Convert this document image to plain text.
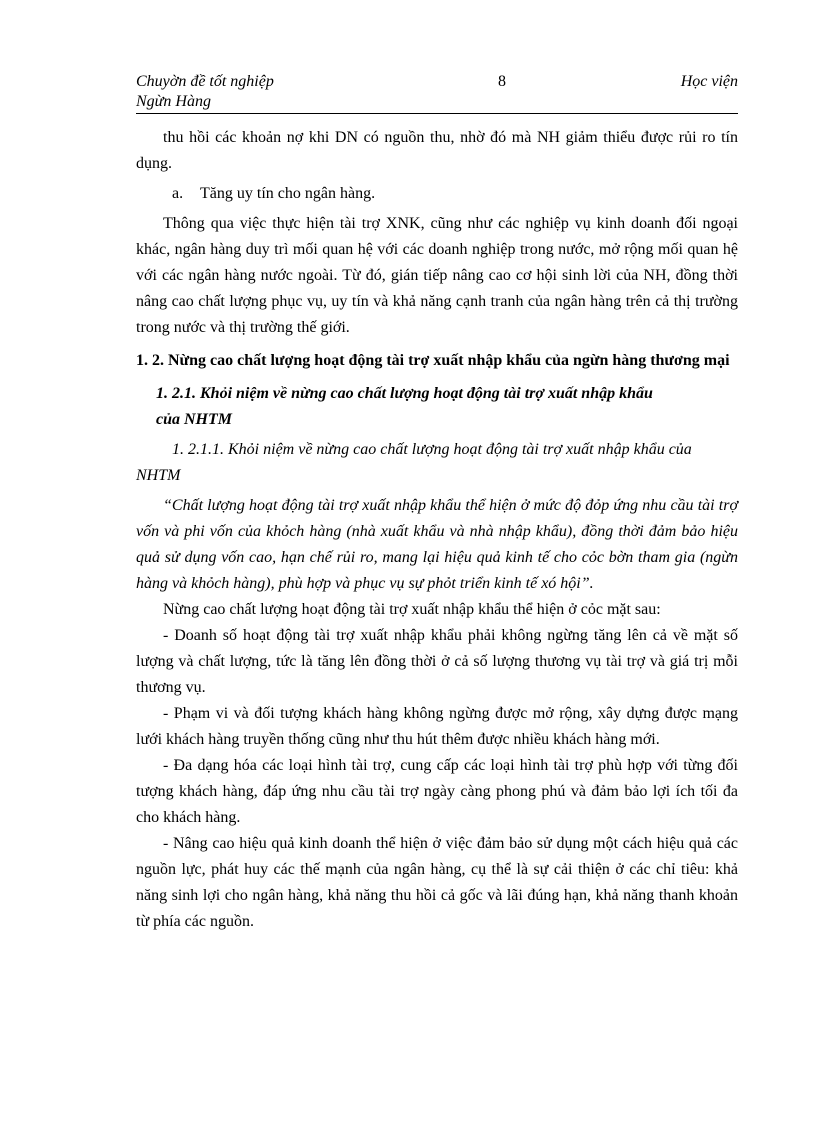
Chuyờn đề tốt nghiệp	8	Học viện
Ngừn Hàng

thu hồi các khoản nợ khi DN có nguồn thu, nhờ đó mà NH giảm thiểu được rủi ro tín dụng.

a. Tăng uy tín cho ngân hàng.

Thông qua việc thực hiện tài trợ XNK, cũng như các nghiệp vụ kinh doanh đối ngoại khác, ngân hàng duy trì mối quan hệ với các doanh nghiệp trong nước, mở rộng mối quan hệ với các ngân hàng nước ngoài. Từ đó, gián tiếp nâng cao cơ hội sinh lời của NH, đồng thời nâng cao chất lượng phục vụ, uy tín và khả năng cạnh tranh của ngân hàng trên cả thị trường trong nước và thị trường thế giới.

1. 2. Nừng cao chất lượng hoạt động tài trợ xuất nhập khẩu của ngừn hàng thương mại

1. 2.1. Khỏi niệm về nừng cao chất lượng hoạt động tài trợ xuất nhập khẩu
của NHTM

1. 2.1.1. Khỏi niệm về nừng cao chất lượng hoạt động tài trợ xuất nhập khẩu của NHTM

“Chất lượng hoạt động tài trợ xuất nhập khẩu thể hiện ở mức độ đỏp ứng nhu cầu tài trợ vốn và phi vốn của khỏch hàng (nhà xuất khẩu và nhà nhập khẩu), đồng thời đảm bảo hiệu quả sử dụng vốn cao, hạn chế rủi ro, mang lại hiệu quả kinh tế cho cỏc bờn tham gia (ngừn hàng và khỏch hàng), phù hợp và phục vụ sự phỏt triển kinh tế xó hội”.

Nừng cao chất lượng hoạt động tài trợ xuất nhập khẩu thể hiện ở cỏc mặt sau:

- Doanh số hoạt động tài trợ xuất nhập khẩu phải không ngừng tăng lên cả về mặt số lượng và chất lượng, tức là tăng lên đồng thời ở cả số lượng thương vụ tài trợ và giá trị mỗi thương vụ.

- Phạm vi và đối tượng khách hàng không ngừng được mở rộng, xây dựng được mạng lưới khách hàng truyền thống cũng như thu hút thêm được nhiều khách hàng mới.

- Đa dạng hóa các loại hình tài trợ, cung cấp các loại hình tài trợ phù hợp với từng đối tượng khách hàng, đáp ứng nhu cầu tài trợ ngày càng phong phú và đảm bảo lợi ích tối đa cho khách hàng.

- Nâng cao hiệu quả kinh doanh thể hiện ở việc đảm bảo sử dụng một cách hiệu quả các nguồn lực, phát huy các thế mạnh của ngân hàng, cụ thể là sự cải thiện ở các chỉ tiêu: khả năng sinh lợi cho ngân hàng, khả năng thu hồi cả gốc và lãi đúng hạn, khả năng thanh khoản từ phía các nguồn.
